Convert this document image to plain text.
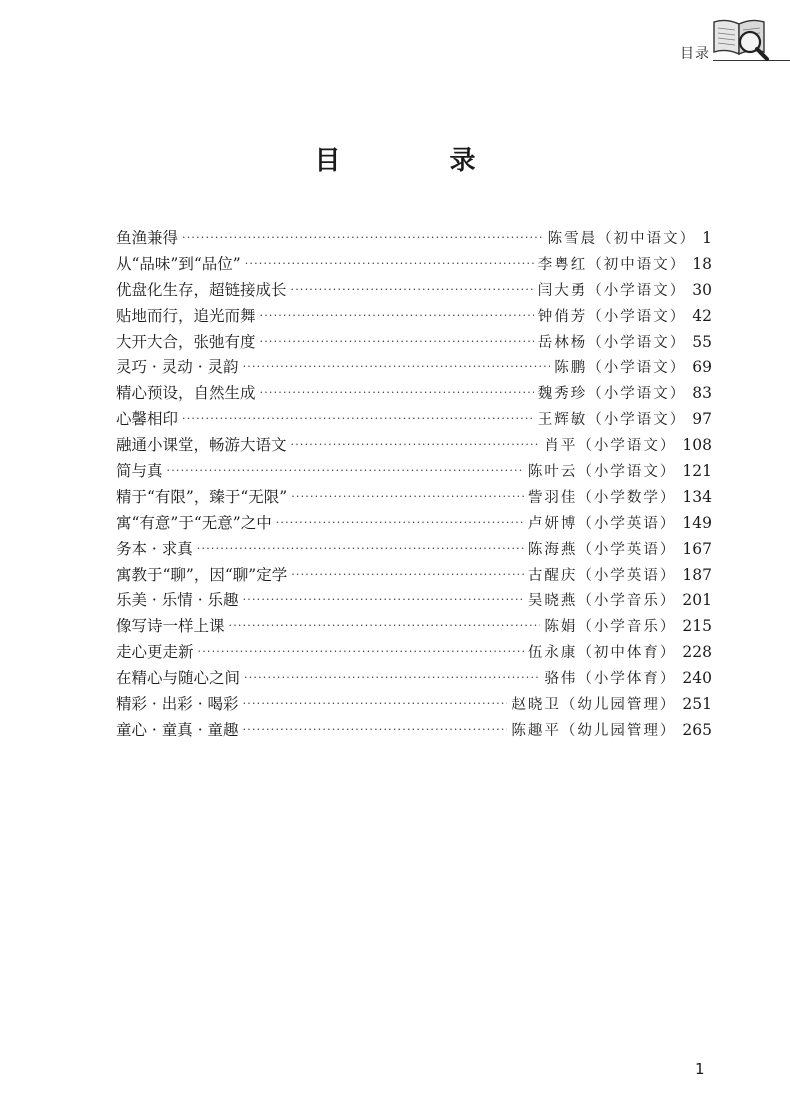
目录
目 录
鱼渔兼得 ·····	陈雪晨（初中语文） 1
从“品味”到“品位” ·····	李粤红（初中语文） 18
优盘化生存，超链接成长 ·····	闫大勇（小学语文） 30
贴地而行，追光而舞 ·····	钟俏芳（小学语文） 42
大开大合，张弛有度 ·····	岳林杨（小学语文） 55
灵巧 · 灵动 · 灵韵 ·····	陈鹏（小学语文） 69
精心预设，自然生成 ·····	魏秀珍（小学语文） 83
心馨相印 ·····	王辉敏（小学语文） 97
融通小课堂，畅游大语文 ·····	肖平（小学语文） 108
简与真 ·····	陈叶云（小学语文） 121
精于“有限”，臻于“无限” ·····	訾羽佳（小学数学） 134
寓“有意”于“无意”之中 ·····	卢妍博（小学英语） 149
务本 · 求真 ·····	陈海燕（小学英语） 167
寓教于“聊”，因“聊”定学 ·····	古醒庆（小学英语） 187
乐美 · 乐情 · 乐趣 ·····	吴晓燕（小学音乐） 201
像写诗一样上课 ·····	陈娟（小学音乐） 215
走心更走新 ·····	伍永康（初中体育） 228
在精心与随心之间 ·····	骆伟（小学体育） 240
精彩 · 出彩 · 喝彩 ·····	赵晓卫（幼儿园管理） 251
童心 · 童真 · 童趣 ·····	陈趣平（幼儿园管理） 265
1
